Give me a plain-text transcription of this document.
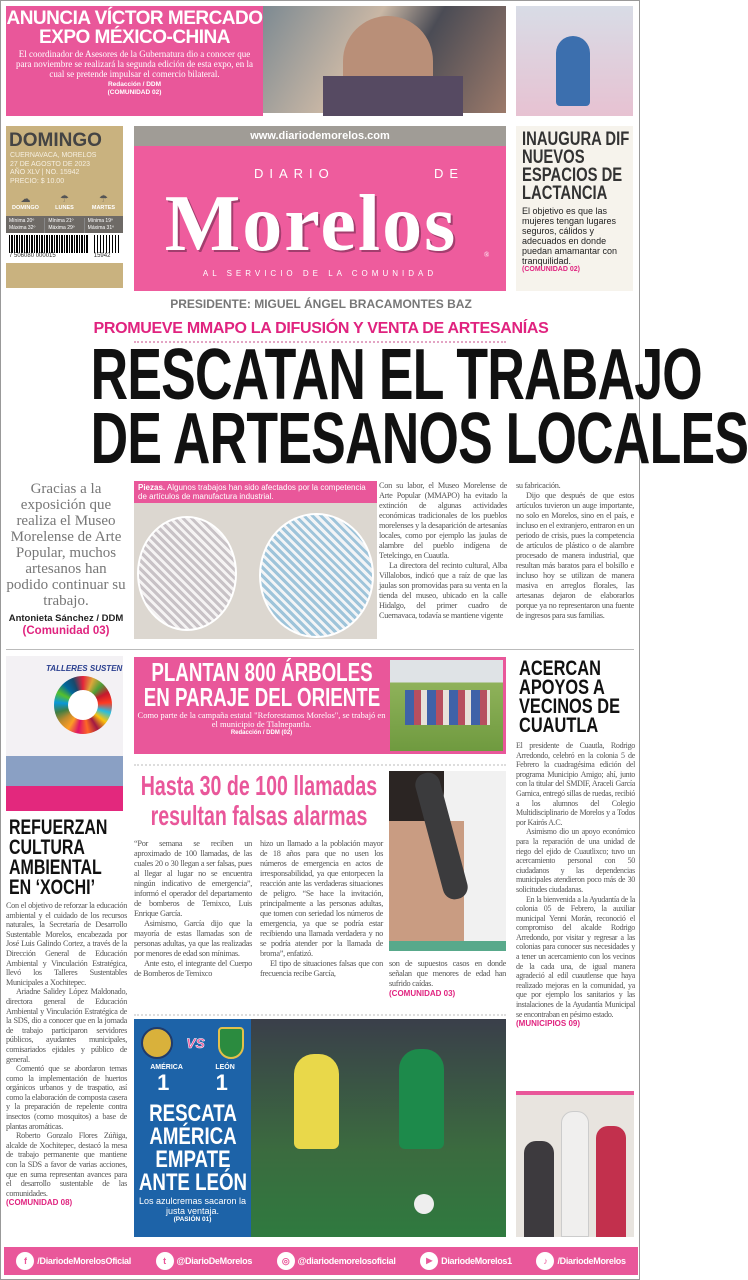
ANUNCIA VÍCTOR MERCADO
EXPO MÉXICO-CHINA
El coordinador de Asesores de la Gubernatura dio a conocer que para noviembre se realizará la segunda edición de esta expo, en la cual se pretende impulsar el comercio bilateral.
Redacción / DDM
(COMUNIDAD 02)
DOMINGO
CUERNAVACA, MORELOS
27 DE AGOSTO DE 2023
AÑO XLV | NO. 15942
PRECIO: $ 10.00
☁
DOMINGO
☂
LUNES
☂
MARTES
Mínima 20º
Máxima 32º
Mínima 21º
Máxima 29º
Mínima 19º
Máxima 31º
7 506080 000015	15942
www.diariodemorelos.com
DIARIO	DE
Morelos	®
AL SERVICIO DE LA COMUNIDAD
INAUGURA DIF NUEVOS ESPACIOS DE LACTANCIA
El objetivo es que las mujeres tengan lugares seguros, cálidos y adecuados en donde puedan amamantar con tranquilidad.
(COMUNIDAD 02)
PRESIDENTE: MIGUEL ÁNGEL BRACAMONTES BAZ
PROMUEVE MMAPO LA DIFUSIÓN Y VENTA DE ARTESANÍAS
RESCATAN EL TRABAJO
DE ARTESANOS LOCALES
Gracias a la exposición que realiza el Museo Morelense de Arte Popular, muchos artesanos han podido continuar su trabajo.
Antonieta Sánchez / DDM
(Comunidad 03)
Piezas. Algunos trabajos han sido afectados por la competencia de artículos de manufactura industrial.

Con su labor, el Museo Morelense de Arte Popular (MMAPO) ha evitado la extinción de algunas actividades económicas tradicionales de los pueblos morelenses y la desaparición de artesanías locales, como por ejemplo las jaulas de alambre del pueblo indígena de Tetelcingo, en Cuautla.

La directora del recinto cultural, Alba Villalobos, indicó que a raíz de que las jaulas son promovidas para su venta en la tienda del museo, ubicado en la calle Hidalgo, del primer cuadro de Cuernavaca, todavía se mantiene vigente

su fabricación.

Dijo que después de que estos artículos tuvieron un auge importante, no solo en Morelos, sino en el país, e incluso en el extranjero, entraron en un periodo de crisis, pues la competencia de artículos de plástico o de alambre procesado de manera industrial, que resultan más baratos para el bolsillo e incluso hoy se utilizan de manera masiva en arreglos florales, las artesanas dejaron de elaborarlos porque ya no representaron una fuente de ingresos para sus familias.

TALLERES SUSTEN
REFUERZAN CULTURA AMBIENTAL EN ‘XOCHI’

Con el objetivo de reforzar la educación ambiental y el cuidado de los recursos naturales, la Secretaría de Desarrollo Sustentable Morelos, encabezada por José Luis Galindo Cortez, a través de la Dirección General de Educación Ambiental y Vinculación Estratégica, llevó los Talleres Sustentables Municipales a Xochitepec.

Ariadne Salidey López Maldonado, directora general de Educación Ambiental y Vinculación Estratégica de la SDS, dio a conocer que en la jornada de trabajo participaron servidores públicos, ayudantes municipales, comisariados ejidales y público de general.

Comentó que se abordaron temas como la implementación de huertos orgánicos urbanos y de traspatio, así como la elaboración de composta casera y la preparación de repelente contra insectos (como mosquitos) a base de plantas aromáticas.

Roberto Gonzalo Flores Zúñiga, alcalde de Xochitepec, destacó la mesa de trabajo permanente que mantiene con la SDS a favor de varias acciones, que en suma representan avances para el desarrollo sustentable de las comunidades.

(COMUNIDAD 08)
PLANTAN 800 ÁRBOLES
EN PARAJE DEL ORIENTE
Como parte de la campaña estatal "Reforestamos Morelos", se trabajó en el municipio de Tlalnepantla.
Redacción / DDM (02)
Hasta 30 de 100 llamadas
resultan falsas alarmas

“Por semana se reciben un aproximado de 100 llamadas, de las cuales 20 o 30 llegan a ser falsas, pues al llegar al lugar no se encuentra ningún indicativo de emergencia”, informó el operador del departamento de bomberos de Temixco, Luis Enrique García.

Asimismo, García dijo que la mayoría de estas llamadas son de personas adultas, ya que las realizadas por menores de edad son mínimas.

Ante esto, el integrante del Cuerpo de Bomberos de Temixco

hizo un llamado a la población mayor de 18 años para que no usen los números de emergencia en actos de irresponsabilidad, ya que entorpecen la reacción ante las verdaderas situaciones de peligro. “Se hace la invitación, principalmente a las personas adultas, que tomen con seriedad los números de emergencia, ya que se podría estar recibiendo una llamada verdadera y no se podría atender por la llamada de broma”, enfatizó.

El tipo de situaciones falsas que con frecuencia recibe García,

son de supuestos casos en donde señalan que menores de edad han sufrido caídas.

(COMUNIDAD 03)
VS
AMÉRICA	LEÓN
1 1
RESCATA AMÉRICA EMPATE ANTE LEÓN
Los azulcremas sacaron la justa ventaja.
(PASIÓN 01)
ACERCAN APOYOS A VECINOS DE CUAUTLA

El presidente de Cuautla, Rodrigo Arredondo, celebró en la colonia 5 de Febrero la cuadragésima edición del programa Municipio Amigo; ahí, junto con la titular del SMDIF, Araceli García Garnica, entregó sillas de ruedas, recibió a los alumnos del Colegio Multidisciplinario de Morelos y a Todos por Kairós A.C.

Asimismo dio un apoyo económico para la reparación de una unidad de riego del ejido de Cuautlixco; tuvo un acercamiento personal con 50 ciudadanos y las dependencias municipales atendieron poco más de 30 solicitudes ciudadanas.

En la bienvenida a la Ayudantía de la colonia 05 de Febrero, la auxiliar municipal Yenni Morán, reconoció el compromiso del alcalde Rodrigo Arredondo, por visitar y regresar a las colonias para conocer sus necesidades y a tener un acercamiento con los vecinos de la cada una, de igual manera agradeció al edil cuautlense que haya realizado mejoras en la comunidad, ya que por ejemplo los sanitarios y las instalaciones de la Ayudantía Municipal se encontraban en pésimo estado.

(MUNICIPIOS 09)
f	/DiariodeMorelosOficial	t	@DiarioDeMorelos	◎ @diariodemorelosoficial	▶	DiariodeMorelos1	♪	/DiariodeMorelos
